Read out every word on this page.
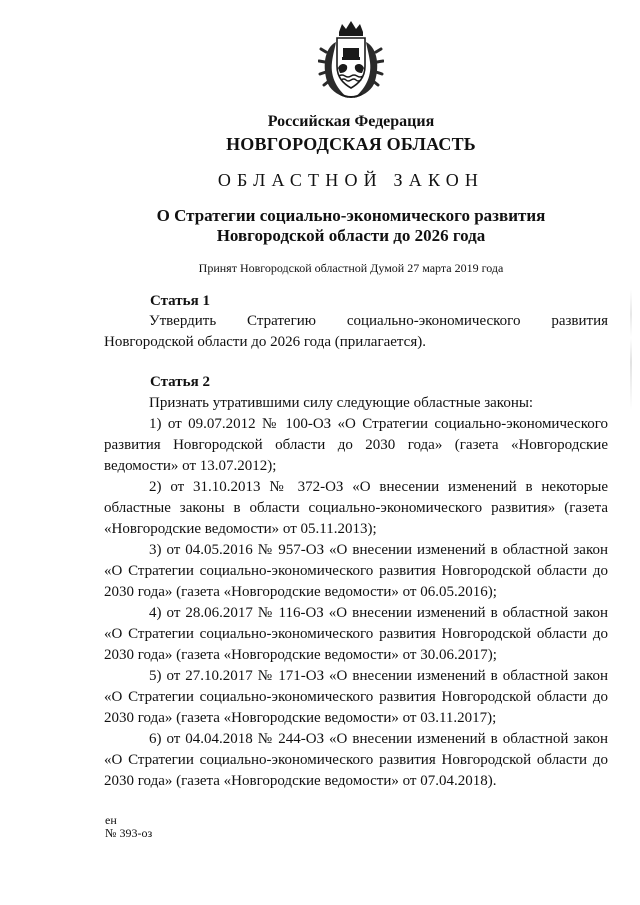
Российская Федерация
НОВГОРОДСКАЯ ОБЛАСТЬ
ОБЛАСТНОЙ ЗАКОН
О Стратегии социально-экономического развития
Новгородской области до 2026 года
Принят Новгородской областной Думой 27 марта 2019 года
Статья 1
Утвердить Стратегию социально-экономического развития Новгородской области до 2026 года (прилагается).
Статья 2
Признать утратившими силу следующие областные законы:
1) от 09.07.2012 № 100-ОЗ «О Стратегии социально-экономического развития Новгородской области до 2030 года» (газета «Новгородские ведомости» от 13.07.2012);
2) от 31.10.2013 № 372-ОЗ «О внесении изменений в некоторые областные законы в области социально-экономического развития» (газета «Новгородские ведомости» от 05.11.2013);
3) от 04.05.2016 № 957-ОЗ «О внесении изменений в областной закон «О Стратегии социально-экономического развития Новгородской области до 2030 года» (газета «Новгородские ведомости» от 06.05.2016);
4) от 28.06.2017 № 116-ОЗ «О внесении изменений в областной закон «О Стратегии социально-экономического развития Новгородской области до 2030 года» (газета «Новгородские ведомости» от 30.06.2017);
5) от 27.10.2017 № 171-ОЗ «О внесении изменений в областной закон «О Стратегии социально-экономического развития Новгородской области до 2030 года» (газета «Новгородские ведомости» от 03.11.2017);
6) от 04.04.2018 № 244-ОЗ «О внесении изменений в областной закон «О Стратегии социально-экономического развития Новгородской области до 2030 года» (газета «Новгородские ведомости» от 07.04.2018).
ен
№ 393-оз
